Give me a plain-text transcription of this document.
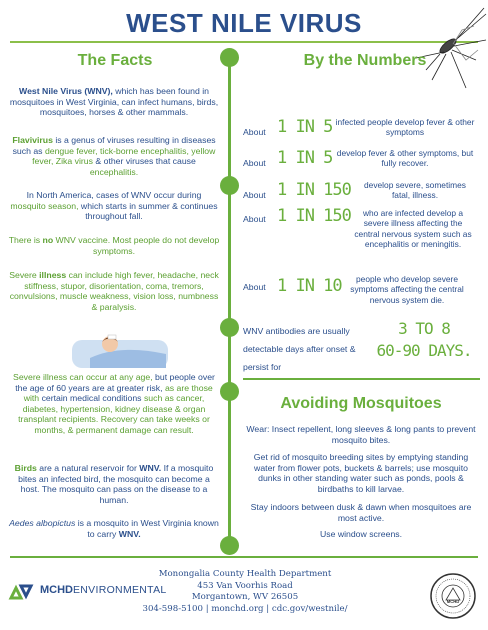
WEST NILE VIRUS
The Facts
West Nile Virus (WNV), which has been found in mosquitoes in West Virginia, can infect humans, birds, mosquitoes, horses & other mammals.
Flavivirus is a genus of viruses resulting in diseases such as dengue fever, tick-borne encephalitis, yellow fever, Zika virus & other viruses that cause encephalitis.
In North America, cases of WNV occur during mosquito season, which starts in summer & continues throughout fall.
There is no WNV vaccine. Most people do not develop symptoms.
Severe illness can include high fever, headache, neck stiffness, stupor, disorientation, coma, tremors, convulsions, muscle weakness, vision loss, numbness & paralysis.
Severe illness can occur at any age, but people over the age of 60 years are at greater risk, as are those with certain medical conditions such as cancer, diabetes, hypertension, kidney disease & organ transplant recipients. Recovery can take weeks or months, & permanent damage can result.
Birds are a natural reservoir for WNV. If a mosquito bites an infected bird, the mosquito can become a host. The mosquito can pass on the disease to a human.
Aedes albopictus is a mosquito in West Virginia known to carry WNV.
By the Numbers
About 1 IN 5 infected people develop fever & other symptoms
About 1 IN 5 develop fever & other symptoms, but fully recover.
About 1 IN 150	develop severe, sometimes fatal, illness.
About 1 IN 150	who are infected develop a severe illness affecting the central nervous system such as encephalitis or meningitis.
About 1 IN 10	people who develop severe symptoms affecting the central nervous system die.
WNV antibodies are usually detectable days after onset & persist for
3 TO 8
60-90 DAYS.
Avoiding Mosquitoes
Wear: Insect repellent, long sleeves & long pants to prevent mosquito bites.
Get rid of mosquito breeding sites by emptying standing water from flower pots, buckets & barrels; use mosquito dunks in other standing water such as ponds, pools & birdbaths to kill larvae.
Stay indoors between dusk & dawn when mosquitoes are most active.
Use window screens.
MCHDENVIRONMENTAL
Monongalia County Health Department
453 Van Voorhis Road
Morgantown, WV 26505
304-598-5100 | monchd.org | cdc.gov/westnile/
MCHD
